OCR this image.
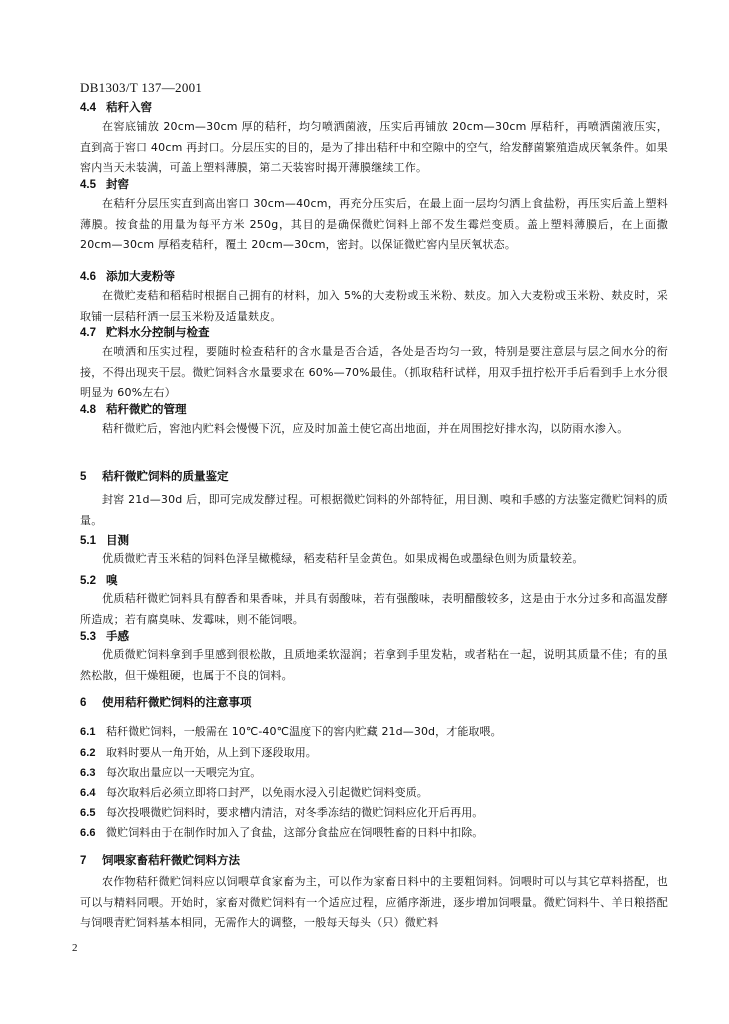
DB1303/T 137—2001
4.4 秸秆入窖
在窖底铺放 20cm—30cm 厚的秸秆，均匀喷洒菌液，压实后再铺放 20cm—30cm 厚秸秆，再喷洒菌液压实，直到高于窖口 40cm 再封口。分层压实的目的，是为了排出秸秆中和空隙中的空气，给发酵菌繁殖造成厌氧条件。如果窖内当天未装满，可盖上塑料薄膜，第二天装窖时揭开薄膜继续工作。
4.5 封窖
在秸秆分层压实直到高出窖口 30cm—40cm，再充分压实后，在最上面一层均匀洒上食盐粉，再压实后盖上塑料薄膜。按食盐的用量为每平方米 250g，其目的是确保微贮饲料上部不发生霉烂变质。盖上塑料薄膜后，在上面撒 20cm—30cm 厚稻麦秸秆，覆土 20cm—30cm，密封。以保证微贮窖内呈厌氧状态。
4.6 添加大麦粉等
在微贮麦秸和稻秸时根据自己拥有的材料，加入 5%的大麦粉或玉米粉、麸皮。加入大麦粉或玉米粉、麸皮时，采取铺一层秸秆洒一层玉米粉及适量麸皮。
4.7 贮料水分控制与检查
在喷洒和压实过程，要随时检查秸秆的含水量是否合适，各处是否均匀一致，特别是要注意层与层之间水分的衔接，不得出现夹干层。微贮饲料含水量要求在 60%—70%最佳。（抓取秸秆试样，用双手扭拧松开手后看到手上水分很明显为 60%左右）
4.8 秸秆微贮的管理
秸秆微贮后，窖池内贮料会慢慢下沉，应及时加盖土使它高出地面，并在周围挖好排水沟，以防雨水渗入。
5 秸秆微贮饲料的质量鉴定
封窖 21d—30d 后，即可完成发酵过程。可根据微贮饲料的外部特征，用目测、嗅和手感的方法鉴定微贮饲料的质量。
5.1 目测
优质微贮青玉米秸的饲料色泽呈橄榄绿，稻麦秸秆呈金黄色。如果成褐色或墨绿色则为质量较差。
5.2 嗅
优质秸秆微贮饲料具有醇香和果香味，并具有弱酸味，若有强酸味，表明醋酸较多，这是由于水分过多和高温发酵所造成；若有腐臭味、发霉味，则不能饲喂。
5.3 手感
优质微贮饲料拿到手里感到很松散，且质地柔软湿润；若拿到手里发粘，或者粘在一起，说明其质量不佳；有的虽然松散，但干燥粗硬，也属于不良的饲料。
6 使用秸秆微贮饲料的注意事项
6.1 秸秆微贮饲料，一般需在 10℃-40℃温度下的窖内贮藏 21d—30d，才能取喂。
6.2 取料时要从一角开始，从上到下逐段取用。
6.3 每次取出量应以一天喂完为宜。
6.4 每次取料后必须立即将口封严，以免雨水浸入引起微贮饲料变质。
6.5 每次投喂微贮饲料时，要求槽内清洁，对冬季冻结的微贮饲料应化开后再用。
6.6 微贮饲料由于在制作时加入了食盐，这部分食盐应在饲喂牲畜的日料中扣除。
7 饲喂家畜秸秆微贮饲料方法
农作物秸秆微贮饲料应以饲喂草食家畜为主，可以作为家畜日料中的主要粗饲料。饲喂时可以与其它草料搭配，也可以与精料同喂。开始时，家畜对微贮饲料有一个适应过程，应循序渐进，逐步增加饲喂量。微贮饲料牛、羊日粮搭配与饲喂青贮饲料基本相同，无需作大的调整，一般每天每头（只）微贮料
2
